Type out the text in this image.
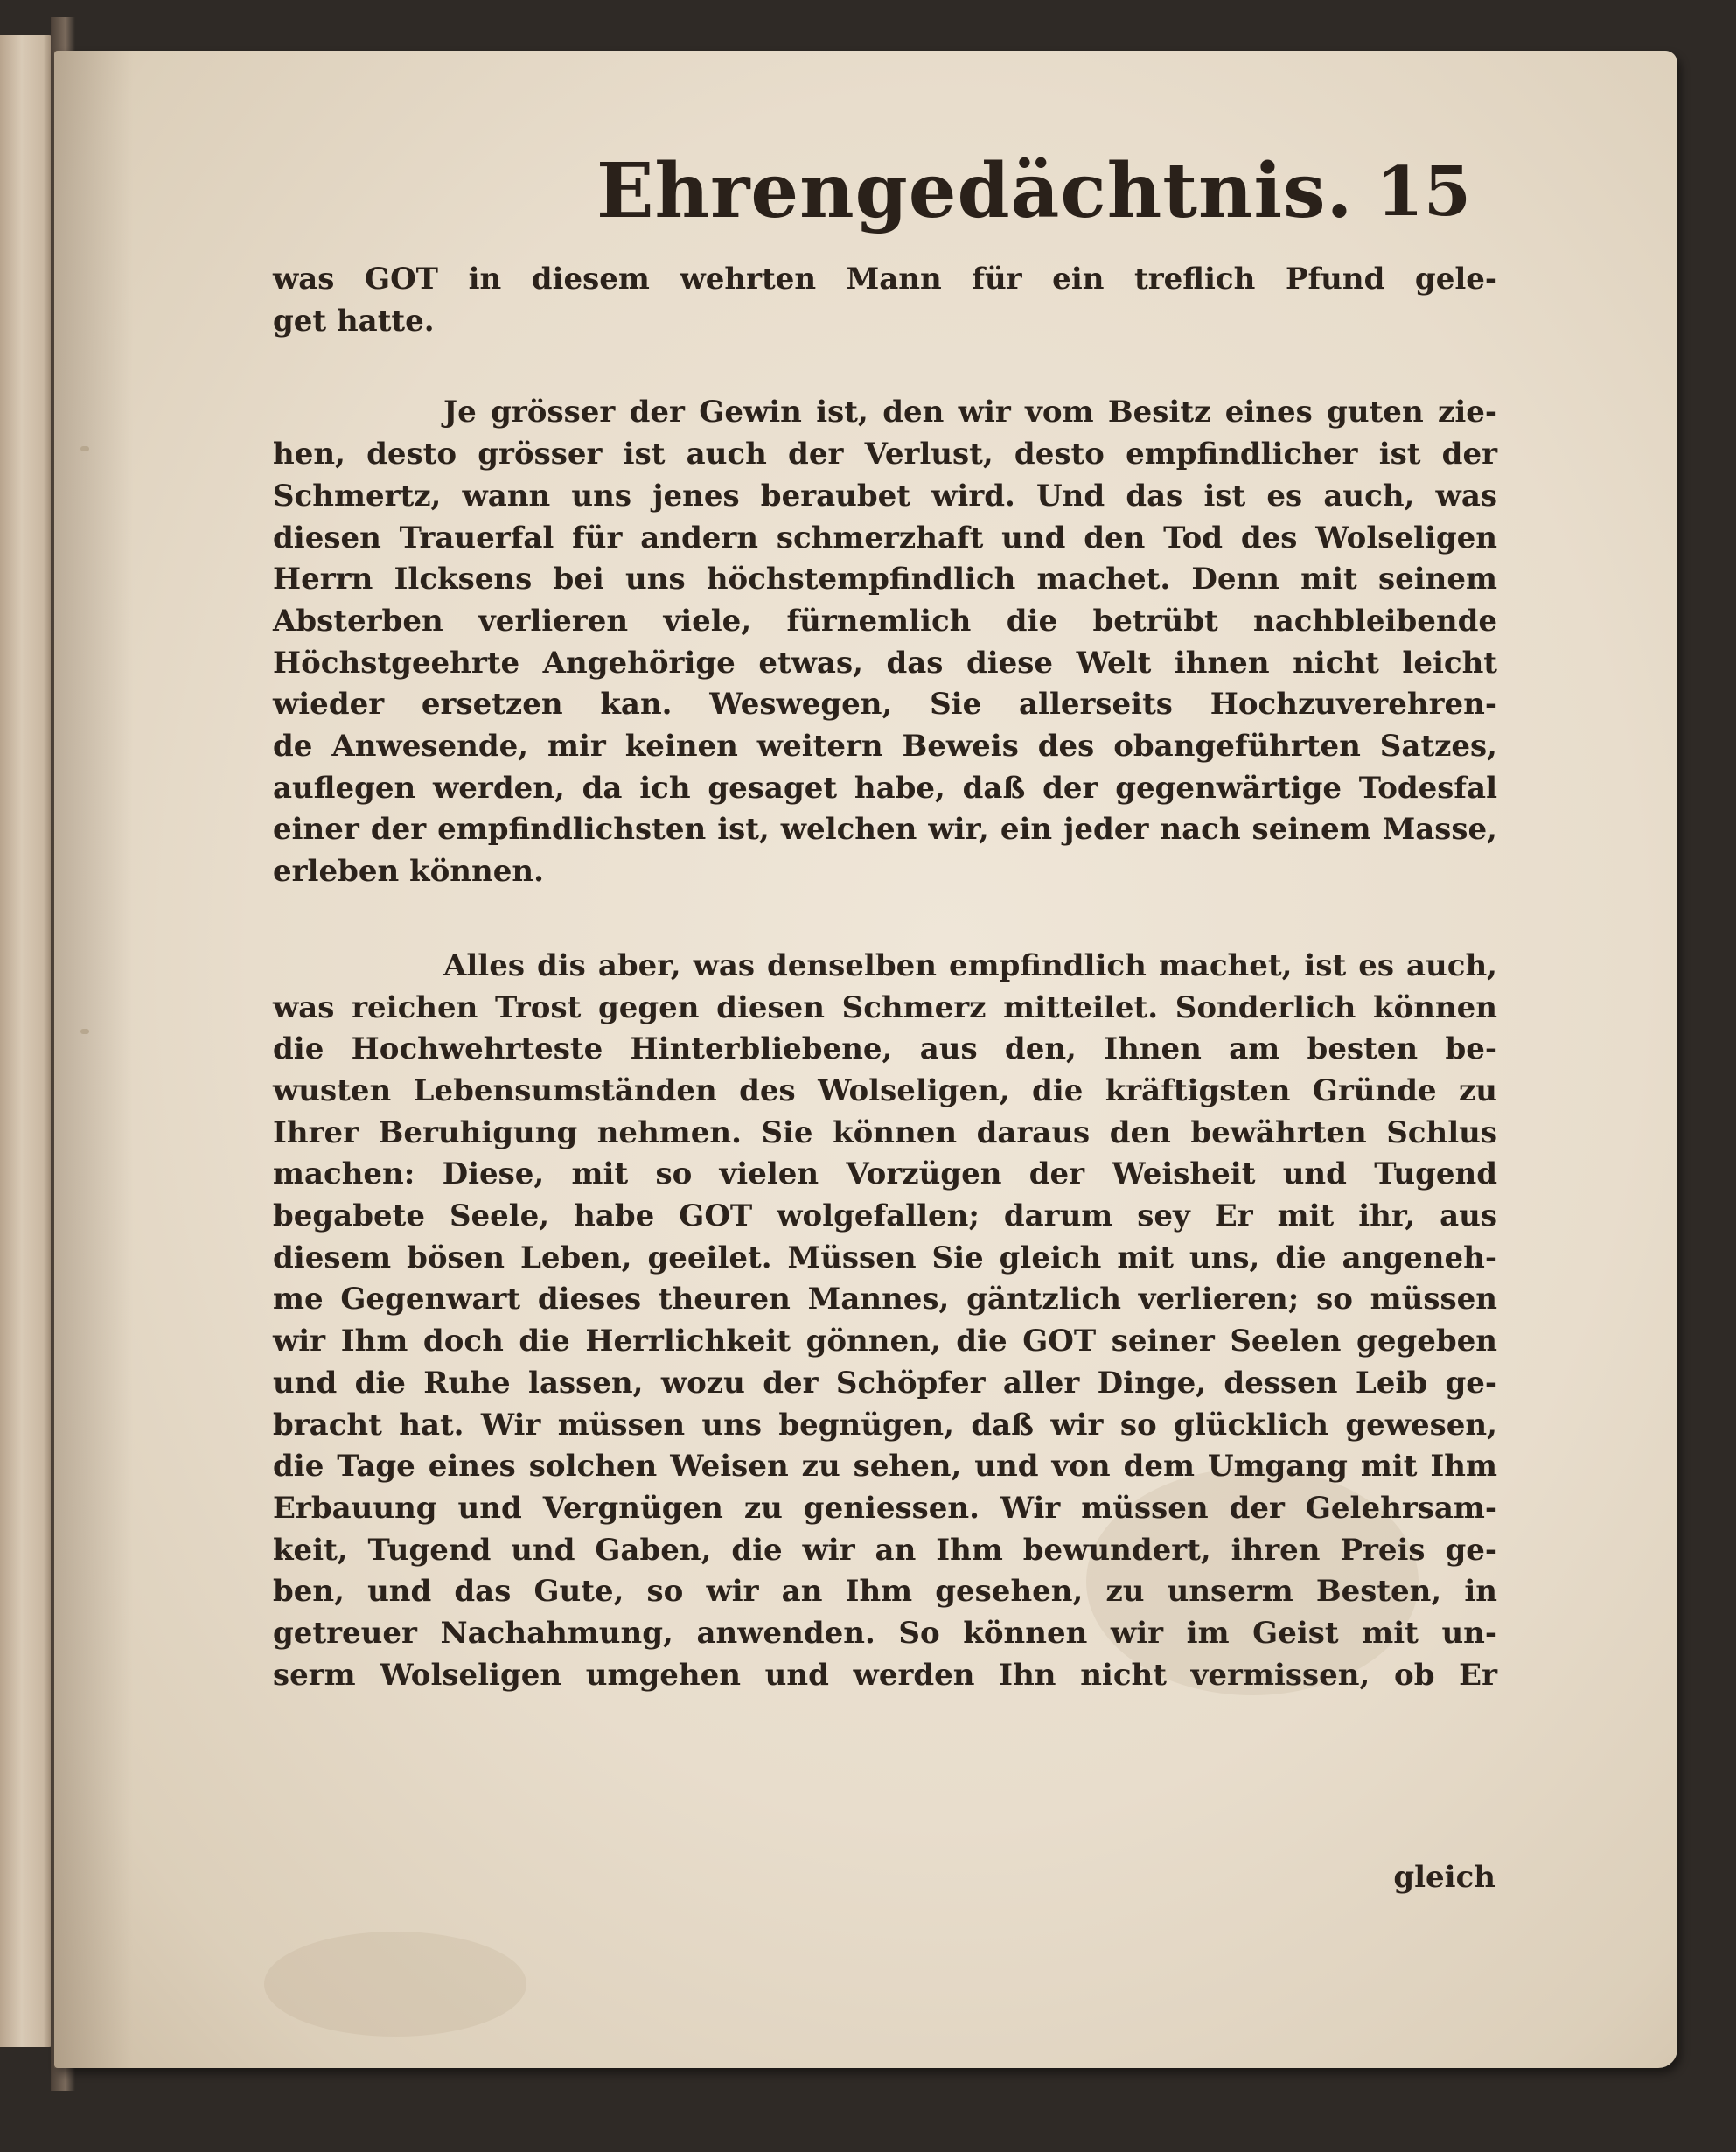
Ehrengedächtnis. 15
was GOT in diesem wehrten Mann für ein treflich Pfund gele-
get hatte.
Je grösser der Gewin ist, den wir vom Besitz eines guten zie-
hen, desto grösser ist auch der Verlust, desto empfindlicher ist der
Schmertz, wann uns jenes beraubet wird. Und das ist es auch, was
diesen Trauerfal für andern schmerzhaft und den Tod des Wolseligen
Herrn Ilcksens bei uns höchstempfindlich machet. Denn mit seinem
Absterben verlieren viele, fürnemlich die betrübt nachbleibende
Höchstgeehrte Angehörige etwas, das diese Welt ihnen nicht leicht
wieder ersetzen kan. Weswegen, Sie allerseits Hochzuverehren-
de Anwesende, mir keinen weitern Beweis des obangeführten Satzes,
auflegen werden, da ich gesaget habe, daß der gegenwärtige Todesfal
einer der empfindlichsten ist, welchen wir, ein jeder nach seinem Masse,
erleben können.
Alles dis aber, was denselben empfindlich machet, ist es auch,
was reichen Trost gegen diesen Schmerz mitteilet. Sonderlich können
die Hochwehrteste Hinterbliebene, aus den, Ihnen am besten be-
wusten Lebensumständen des Wolseligen, die kräftigsten Gründe zu
Ihrer Beruhigung nehmen. Sie können daraus den bewährten Schlus
machen: Diese, mit so vielen Vorzügen der Weisheit und Tugend
begabete Seele, habe GOT wolgefallen; darum sey Er mit ihr, aus
diesem bösen Leben, geeilet. Müssen Sie gleich mit uns, die angeneh-
me Gegenwart dieses theuren Mannes, gäntzlich verlieren; so müssen
wir Ihm doch die Herrlichkeit gönnen, die GOT seiner Seelen gegeben
und die Ruhe lassen, wozu der Schöpfer aller Dinge, dessen Leib ge-
bracht hat. Wir müssen uns begnügen, daß wir so glücklich gewesen,
die Tage eines solchen Weisen zu sehen, und von dem Umgang mit Ihm
Erbauung und Vergnügen zu geniessen. Wir müssen der Gelehrsam-
keit, Tugend und Gaben, die wir an Ihm bewundert, ihren Preis ge-
ben, und das Gute, so wir an Ihm gesehen, zu unserm Besten, in
getreuer Nachahmung, anwenden. So können wir im Geist mit un-
serm Wolseligen umgehen und werden Ihn nicht vermissen, ob Er
gleich
